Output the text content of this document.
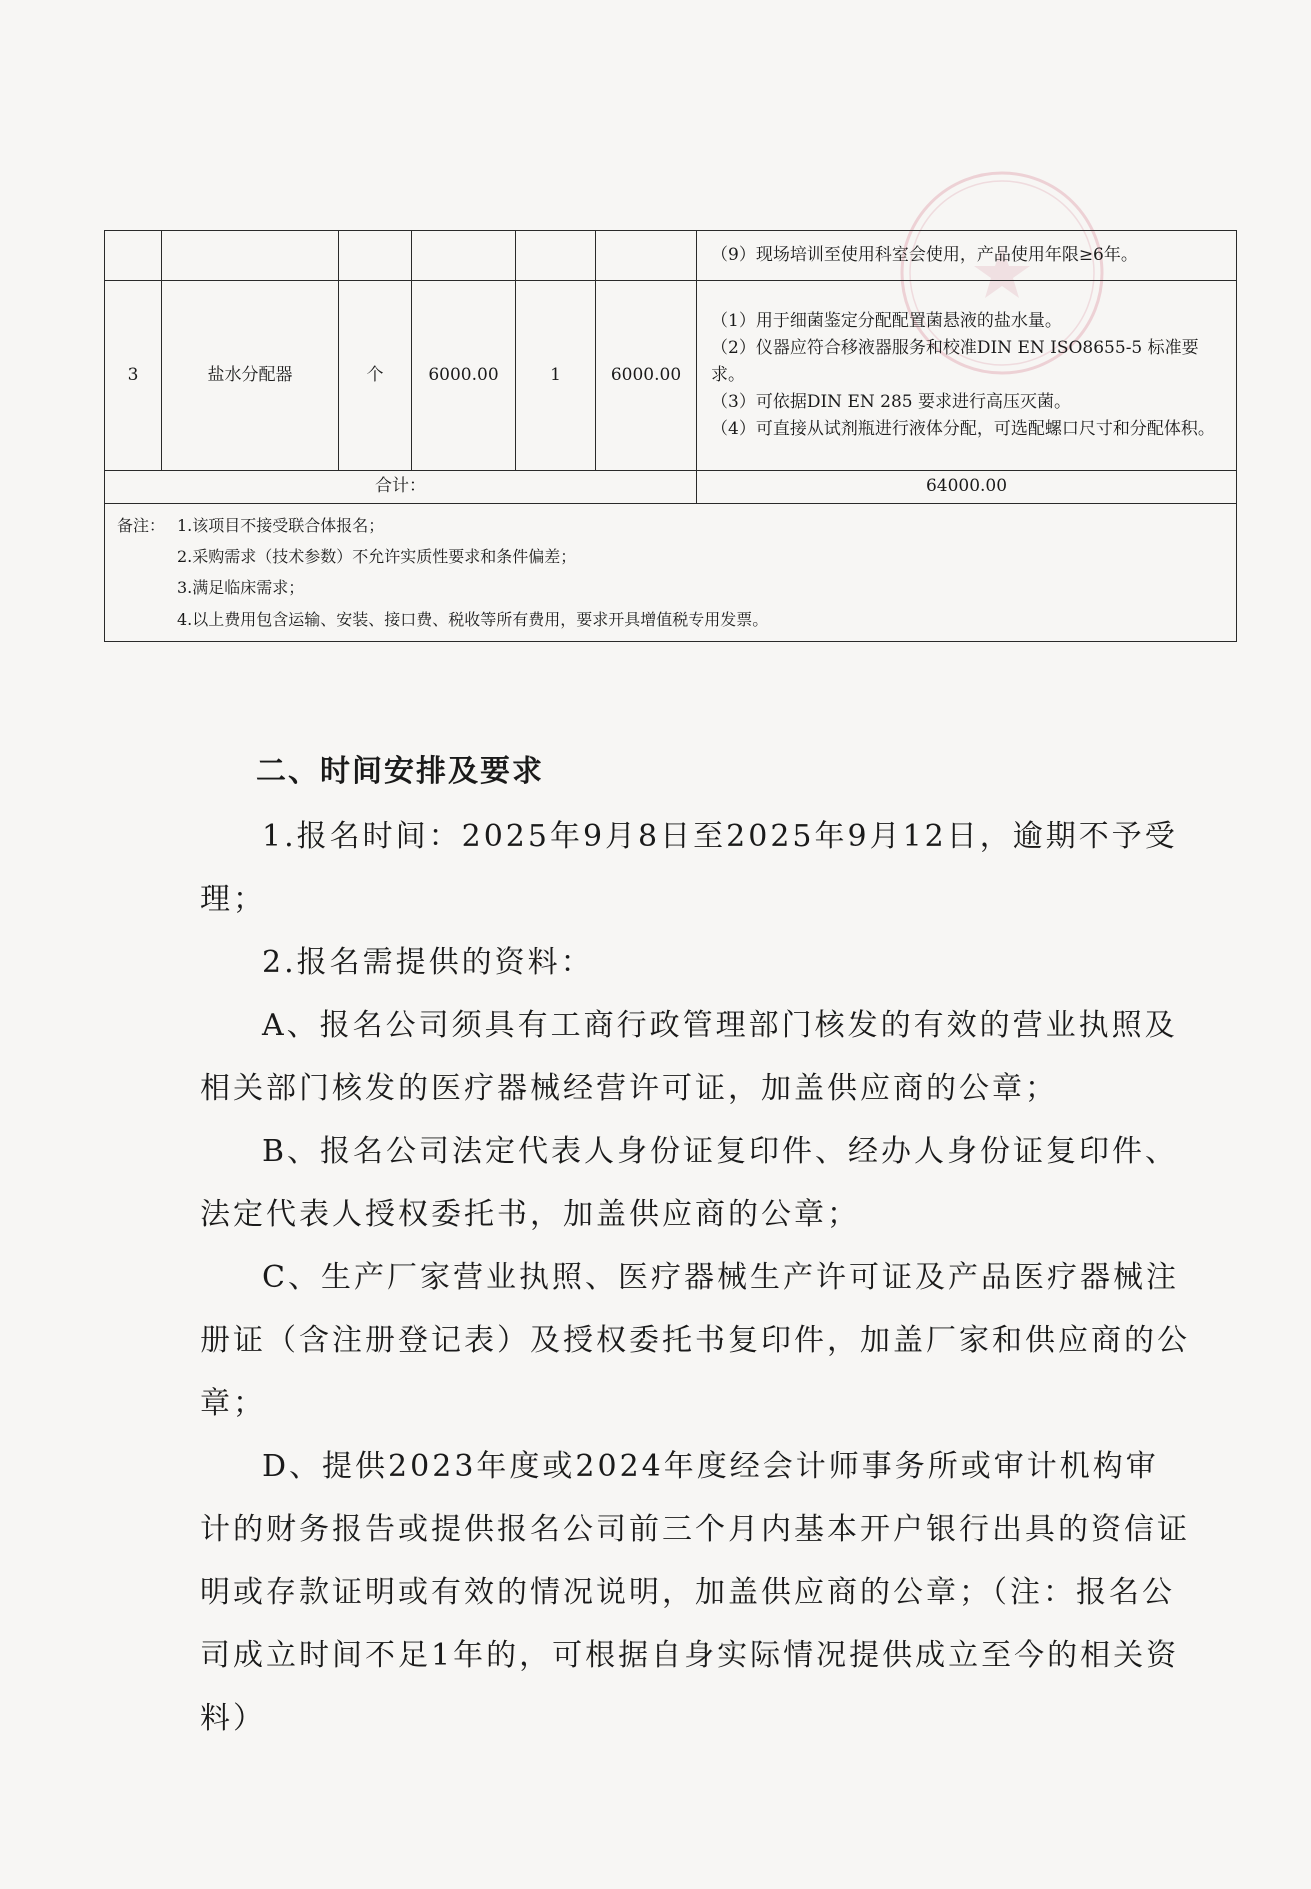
						（9）现场培训至使用科室会使用，产品使用年限≥6年。
3	盐水分配器	个	6000.00	1	6000.00	（1）用于细菌鉴定分配配置菌悬液的盐水量。

（2）仪器应符合移液器服务和校准DIN EN ISO8655-5 标准要求。

（3）可依据DIN EN 285 要求进行高压灭菌。

（4）可直接从试剂瓶进行液体分配，可选配螺口尺寸和分配体积。

合计：						64000.00

备注： 1.该项目不接受联合体报名；
2.采购需求（技术参数）不允许实质性要求和条件偏差；
3.满足临床需求；
4.以上费用包含运输、安装、接口费、税收等所有费用，要求开具增值税专用发票。						

二、时间安排及要求

1.报名时间：2025年9月8日至2025年9月12日，逾期不予受理；

2.报名需提供的资料：

A、报名公司须具有工商行政管理部门核发的有效的营业执照及相关部门核发的医疗器械经营许可证，加盖供应商的公章；

B、报名公司法定代表人身份证复印件、经办人身份证复印件、法定代表人授权委托书，加盖供应商的公章；

C、生产厂家营业执照、医疗器械生产许可证及产品医疗器械注册证（含注册登记表）及授权委托书复印件，加盖厂家和供应商的公章；

D、提供2023年度或2024年度经会计师事务所或审计机构审计的财务报告或提供报名公司前三个月内基本开户银行出具的资信证明或存款证明或有效的情况说明，加盖供应商的公章；（注：报名公司成立时间不足1年的，可根据自身实际情况提供成立至今的相关资料）
